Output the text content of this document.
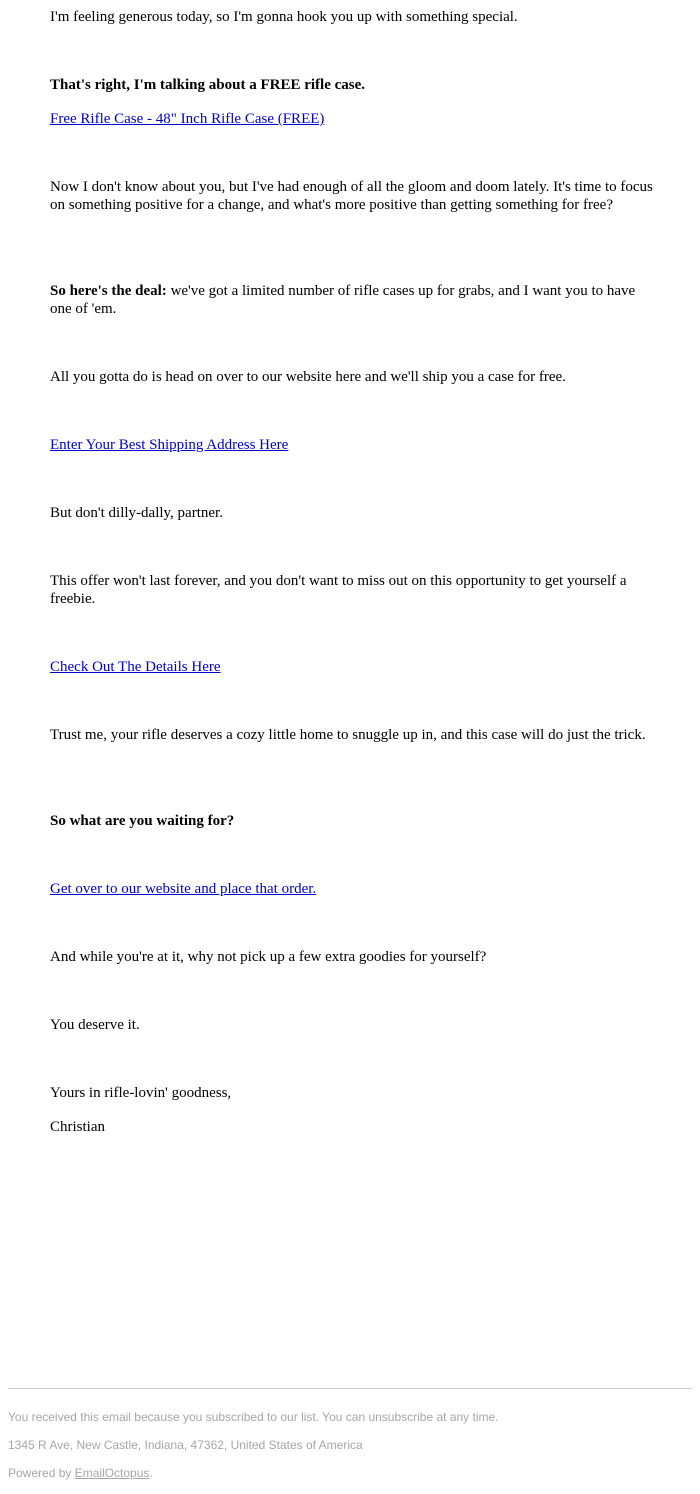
I'm feeling generous today, so I'm gonna hook you up with something special.

That's right, I'm talking about a FREE rifle case.

Free Rifle Case - 48" Inch Rifle Case (FREE)

Now I don't know about you, but I've had enough of all the gloom and doom lately. It's time to focus on something positive for a change, and what's more positive than getting something for free?

So here's the deal: we've got a limited number of rifle cases up for grabs, and I want you to have one of 'em.

All you gotta do is head on over to our website here and we'll ship you a case for free.

Enter Your Best Shipping Address Here

But don't dilly-dally, partner.

This offer won't last forever, and you don't want to miss out on this opportunity to get yourself a freebie.

Check Out The Details Here

Trust me, your rifle deserves a cozy little home to snuggle up in, and this case will do just the trick.

So what are you waiting for?

Get over to our website and place that order.

And while you're at it, why not pick up a few extra goodies for yourself?

You deserve it.

Yours in rifle-lovin' goodness,

Christian

You received this email because you subscribed to our list. You can unsubscribe at any time.

1345 R Ave, New Castle, Indiana, 47362, United States of America

Powered by EmailOctopus.
